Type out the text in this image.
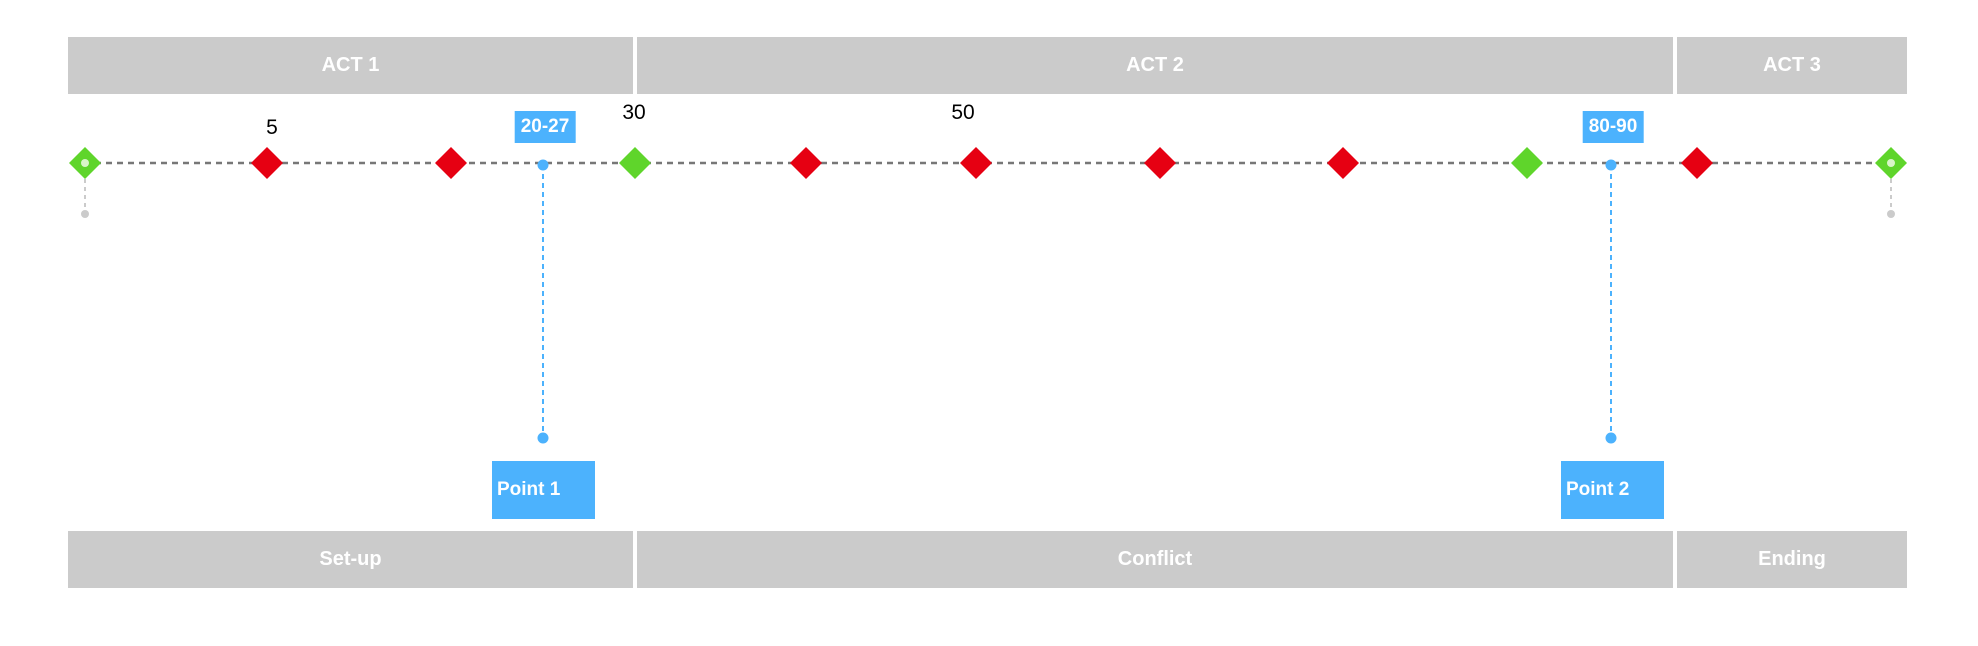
ACT 1	ACT 2	ACT 3
5
30	50
20-27	80-90
Point 1	Point 2
Set-up	Conflict	Ending
